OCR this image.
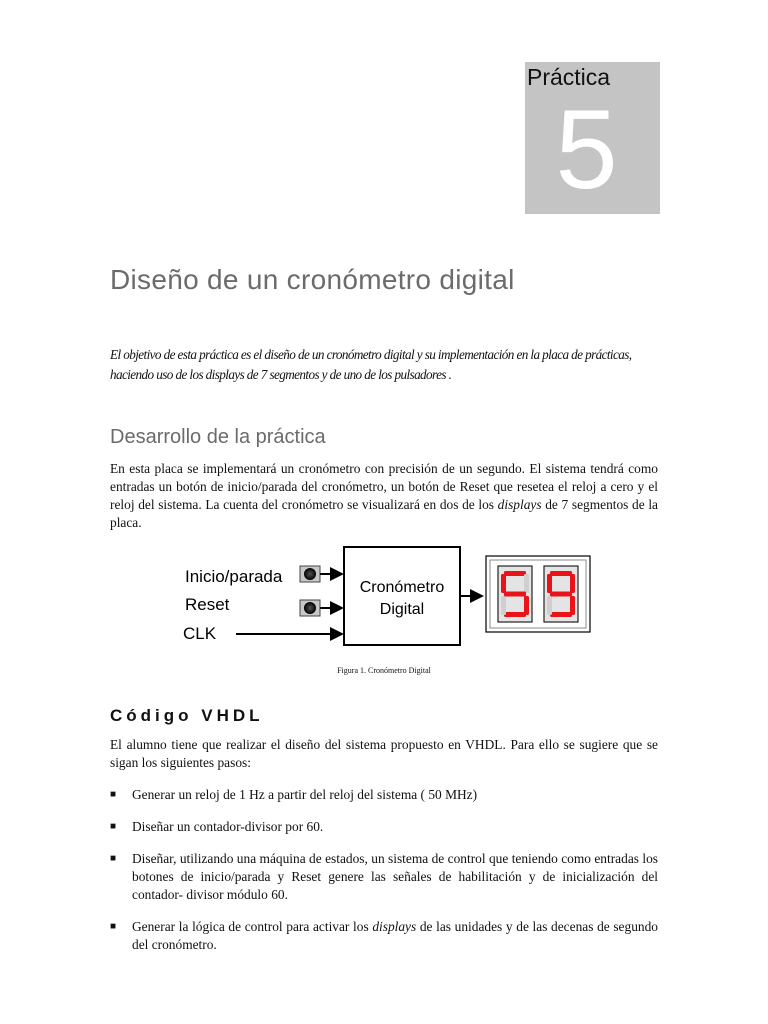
Práctica
5
Diseño de un cronómetro digital

El objetivo de esta práctica es el diseño de un cronómetro digital y su implementación en la placa de prácticas, haciendo uso de los displays de 7 segmentos y de uno de los pulsadores .

Desarrollo de la práctica

En esta placa se implementará un cronómetro con precisión de un segundo. El sistema tendrá como entradas un botón de inicio/parada del cronómetro, un botón de Reset que resetea el reloj a cero y el reloj del sistema. La cuenta del cronómetro se visualizará en dos de los displays de 7 segmentos de la placa.

Inicio/parada
Reset
CLK
Cronómetro
Digital
Figura 1. Cronómetro Digital
Código VHDL

El alumno tiene que realizar el diseño del sistema propuesto en VHDL. Para ello se sugiere que se sigan los siguientes pasos:

■ Generar un reloj de 1 Hz a partir del reloj del sistema ( 50 MHz)
■ Diseñar un contador-divisor por 60.
■ Diseñar, utilizando una máquina de estados, un sistema de control que teniendo como entradas los botones de inicio/parada y Reset genere las señales de habilitación y de inicialización del contador- divisor módulo 60.
■ Generar la lógica de control para activar los displays de las unidades y de las decenas de segundo del cronómetro.
